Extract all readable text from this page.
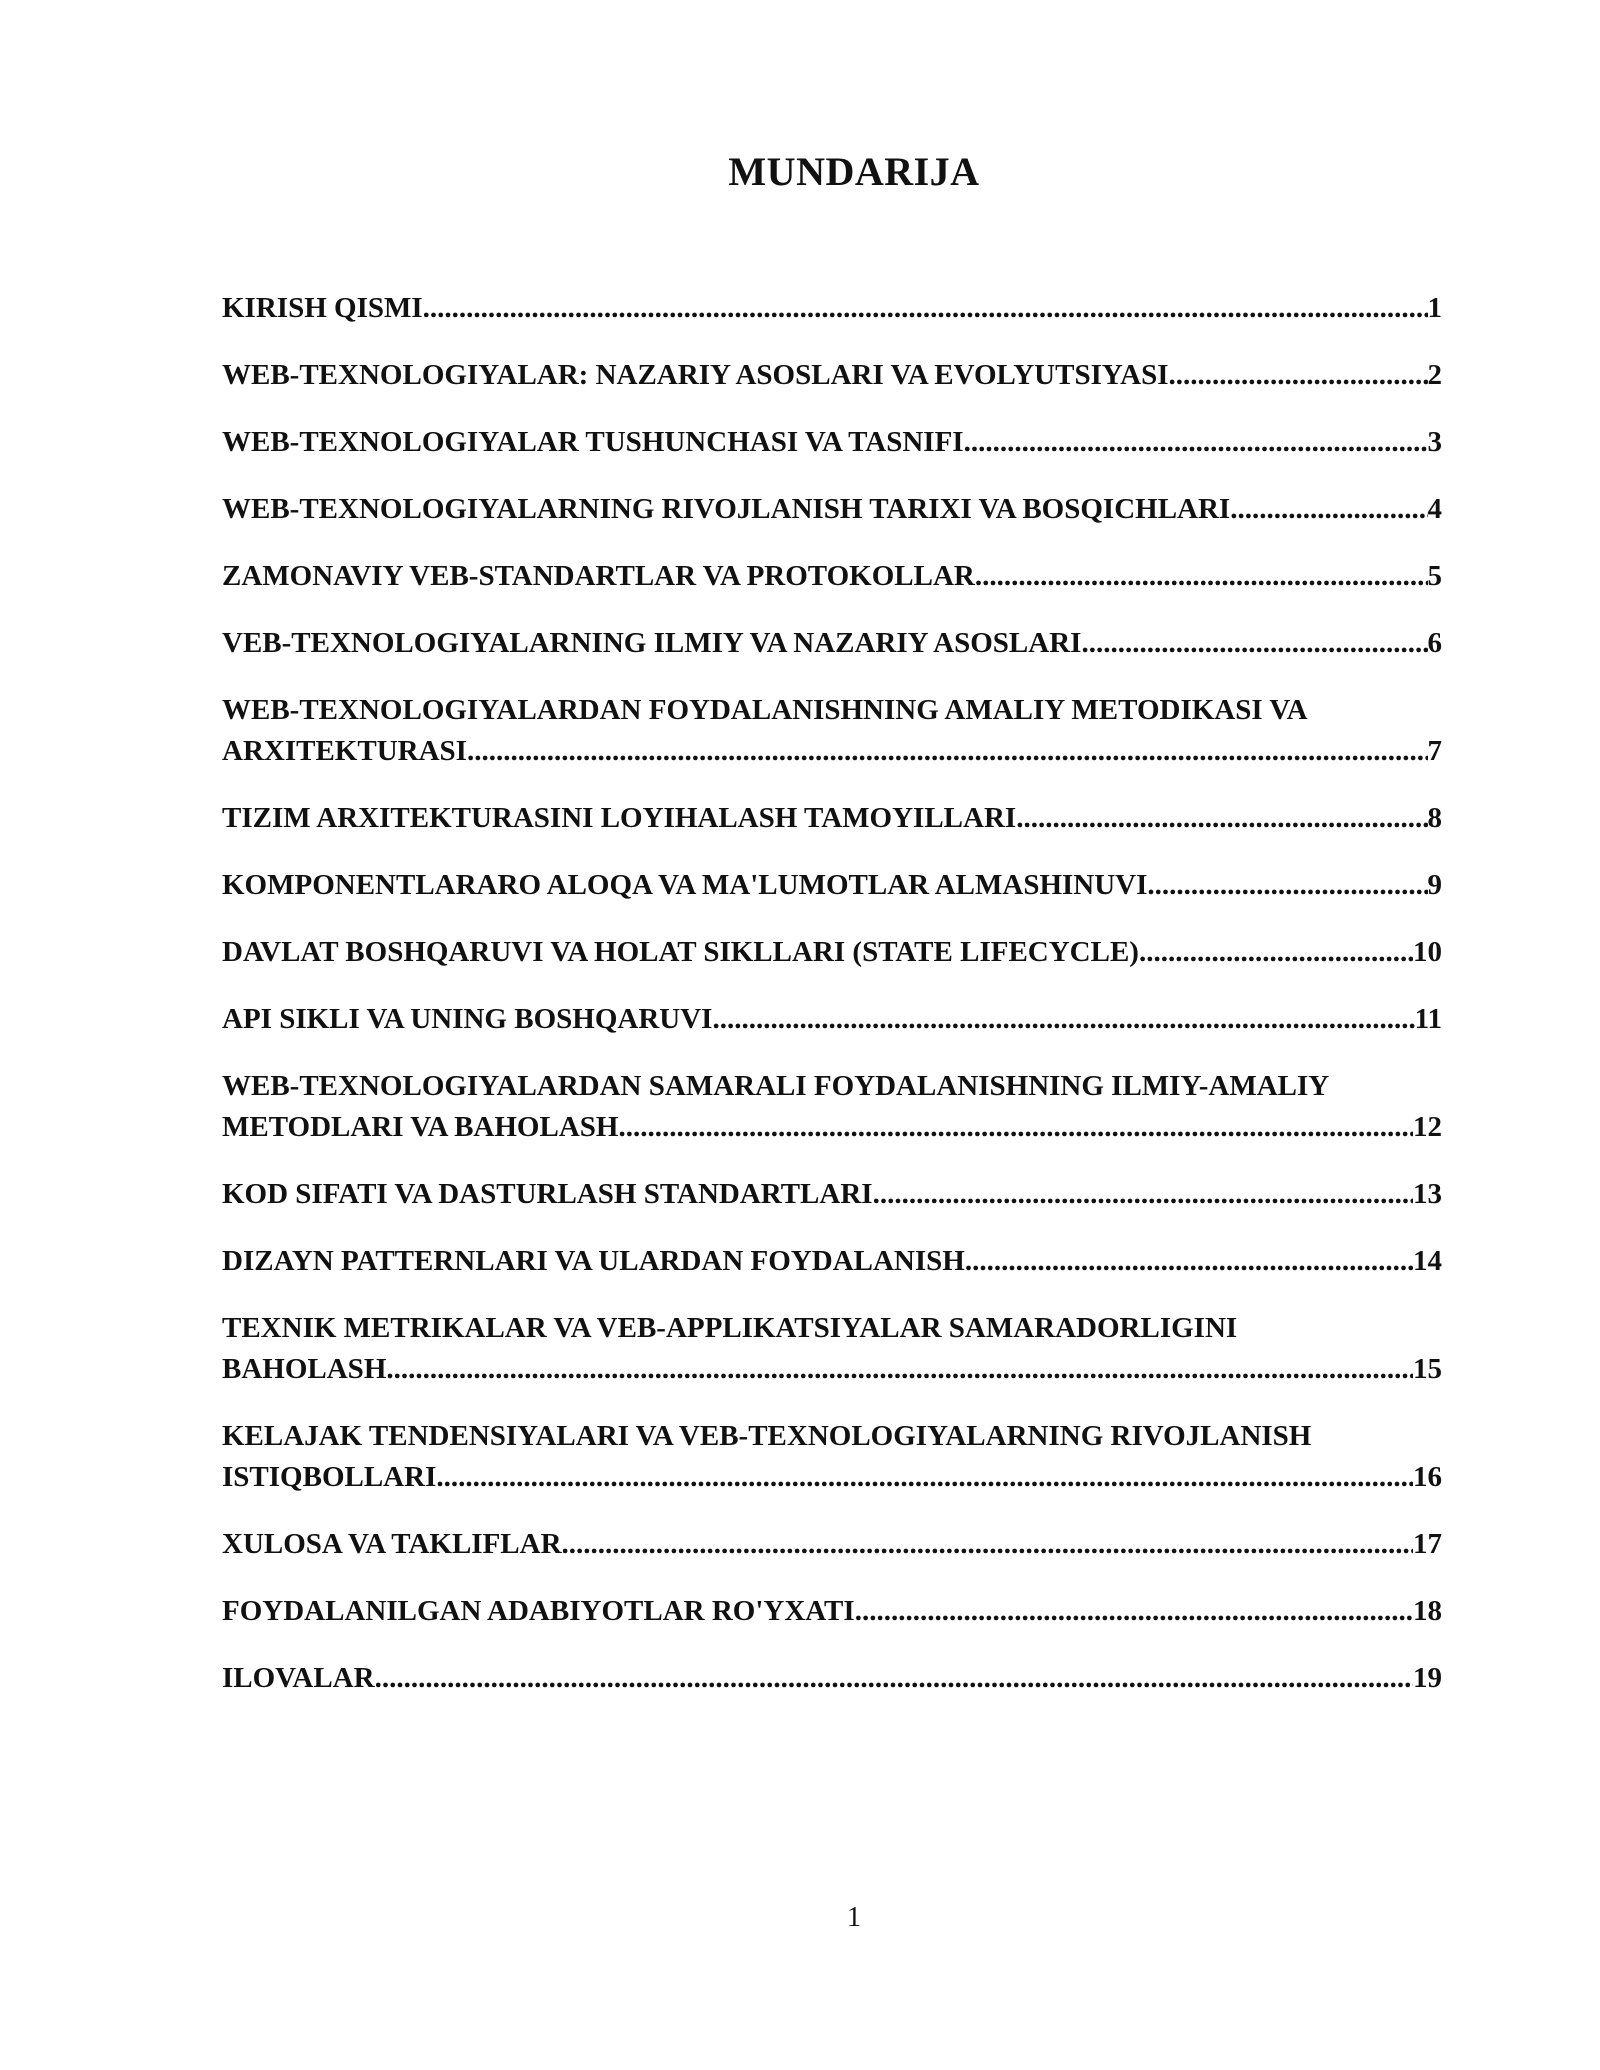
MUNDARIJA
KIRISH QISMI .....	1
WEB-TEXNOLOGIYALAR: NAZARIY ASOSLARI VA EVOLYUTSIYASI .....	2
WEB-TEXNOLOGIYALAR TUSHUNCHASI VA TASNIFI .....	3
WEB-TEXNOLOGIYALARNING RIVOJLANISH TARIXI VA BOSQICHLARI .....	4
ZAMONAVIY VEB-STANDARTLAR VA PROTOKOLLAR .....	5
VEB-TEXNOLOGIYALARNING ILMIY VA NAZARIY ASOSLARI .....	6
WEB-TEXNOLOGIYALARDAN FOYDALANISHNING AMALIY METODIKASI VA
ARXITEKTURASI .....	7
TIZIM ARXITEKTURASINI LOYIHALASH TAMOYILLARI .....	8
KOMPONENTLARARO ALOQA VA MA'LUMOTLAR ALMASHINUVI .....	9
DAVLAT BOSHQARUVI VA HOLAT SIKLLARI (STATE LIFECYCLE) .....	10
API SIKLI VA UNING BOSHQARUVI .....	11
WEB-TEXNOLOGIYALARDAN SAMARALI FOYDALANISHNING ILMIY-AMALIY
METODLARI VA BAHOLASH .....	12
KOD SIFATI VA DASTURLASH STANDARTLARI .....	13
DIZAYN PATTERNLARI VA ULARDAN FOYDALANISH .....	14
TEXNIK METRIKALAR VA VEB-APPLIKATSIYALAR SAMARADORLIGINI
BAHOLASH .....	15
KELAJAK TENDENSIYALARI VA VEB-TEXNOLOGIYALARNING RIVOJLANISH
ISTIQBOLLARI .....	16
XULOSA VA TAKLIFLAR .....	17
FOYDALANILGAN ADABIYOTLAR RO'YXATI .....	18
ILOVALAR .....	19
1
